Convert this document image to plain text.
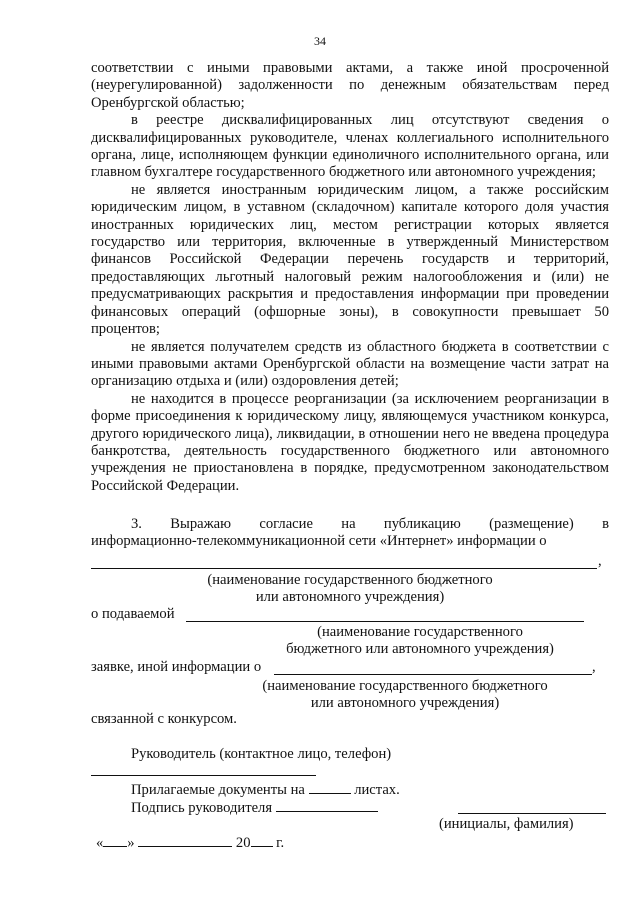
34

соответствии с иными правовыми актами, а также иной просроченной (неурегулированной) задолженности по денежным обязательствам перед Оренбургской областью;

в реестре дисквалифицированных лиц отсутствуют сведения о дисквалифицированных руководителе, членах коллегиального исполнительного органа, лице, исполняющем функции единоличного исполнительного органа, или главном бухгалтере государственного бюджетного или автономного учреждения;

не является иностранным юридическим лицом, а также российским юридическим лицом, в уставном (складочном) капитале которого доля участия иностранных юридических лиц, местом регистрации которых является государство или территория, включенные в утвержденный Министерством финансов Российской Федерации перечень государств и территорий, предоставляющих льготный налоговый режим налогообложения и (или) не предусматривающих раскрытия и предоставления информации при проведении финансовых операций (офшорные зоны), в совокупности превышает 50 процентов;

не является получателем средств из областного бюджета в соответствии с иными правовыми актами Оренбургской области на возмещение части затрат на организацию отдыха и (или) оздоровления детей;

не находится в процессе реорганизации (за исключением реорганизации в форме присоединения к юридическому лицу, являющемуся участником конкурса, другого юридического лица), ликвидации, в отношении него не введена процедура банкротства, деятельность государственного бюджетного или автономного учреждения не приостановлена в порядке, предусмотренном законодательством Российской Федерации.

3. Выражаю согласие на публикацию (размещение) в
информационно-телекоммуникационной сети «Интернет» информации о
,
(наименование государственного бюджетного
или автономного учреждения)
о подаваемой
(наименование государственного
бюджетного или автономного учреждения)
заявке, иной информации о	,
(наименование государственного бюджетного
или автономного учреждения)
связанной с конкурсом.
Руководитель (контактное лицо, телефон)
Прилагаемые документы на	листах.
Подпись руководителя
(инициалы, фамилия)
« »	20 г.
